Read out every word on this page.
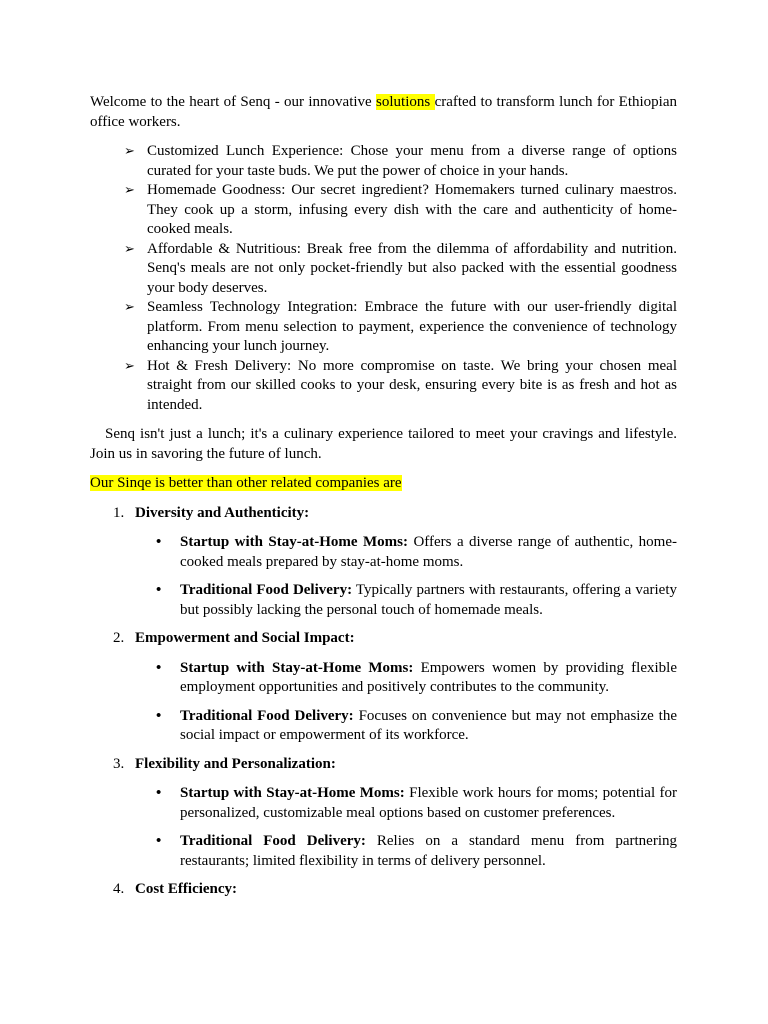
Welcome to the heart of Senq - our innovative solutions crafted to transform lunch for Ethiopian office workers.

➢ Customized Lunch Experience: Chose your menu from a diverse range of options curated for your taste buds. We put the power of choice in your hands.
➢ Homemade Goodness: Our secret ingredient? Homemakers turned culinary maestros. They cook up a storm, infusing every dish with the care and authenticity of home-cooked meals.
➢ Affordable & Nutritious: Break free from the dilemma of affordability and nutrition. Senq's meals are not only pocket-friendly but also packed with the essential goodness your body deserves.
➢ Seamless Technology Integration: Embrace the future with our user-friendly digital platform. From menu selection to payment, experience the convenience of technology enhancing your lunch journey.
➢ Hot & Fresh Delivery: No more compromise on taste. We bring your chosen meal straight from our skilled cooks to your desk, ensuring every bite is as fresh and hot as intended.

Senq isn't just a lunch; it's a culinary experience tailored to meet your cravings and lifestyle. Join us in savoring the future of lunch.

Our Sinqe is better than other related companies are

1. Diversity and Authenticity:
• Startup with Stay-at-Home Moms: Offers a diverse range of authentic, home-cooked meals prepared by stay-at-home moms.
• Traditional Food Delivery: Typically partners with restaurants, offering a variety but possibly lacking the personal touch of homemade meals.
2. Empowerment and Social Impact:
• Startup with Stay-at-Home Moms: Empowers women by providing flexible employment opportunities and positively contributes to the community.
• Traditional Food Delivery: Focuses on convenience but may not emphasize the social impact or empowerment of its workforce.
3. Flexibility and Personalization:
• Startup with Stay-at-Home Moms: Flexible work hours for moms; potential for personalized, customizable meal options based on customer preferences.
• Traditional Food Delivery: Relies on a standard menu from partnering restaurants; limited flexibility in terms of delivery personnel.
4. Cost Efficiency:
